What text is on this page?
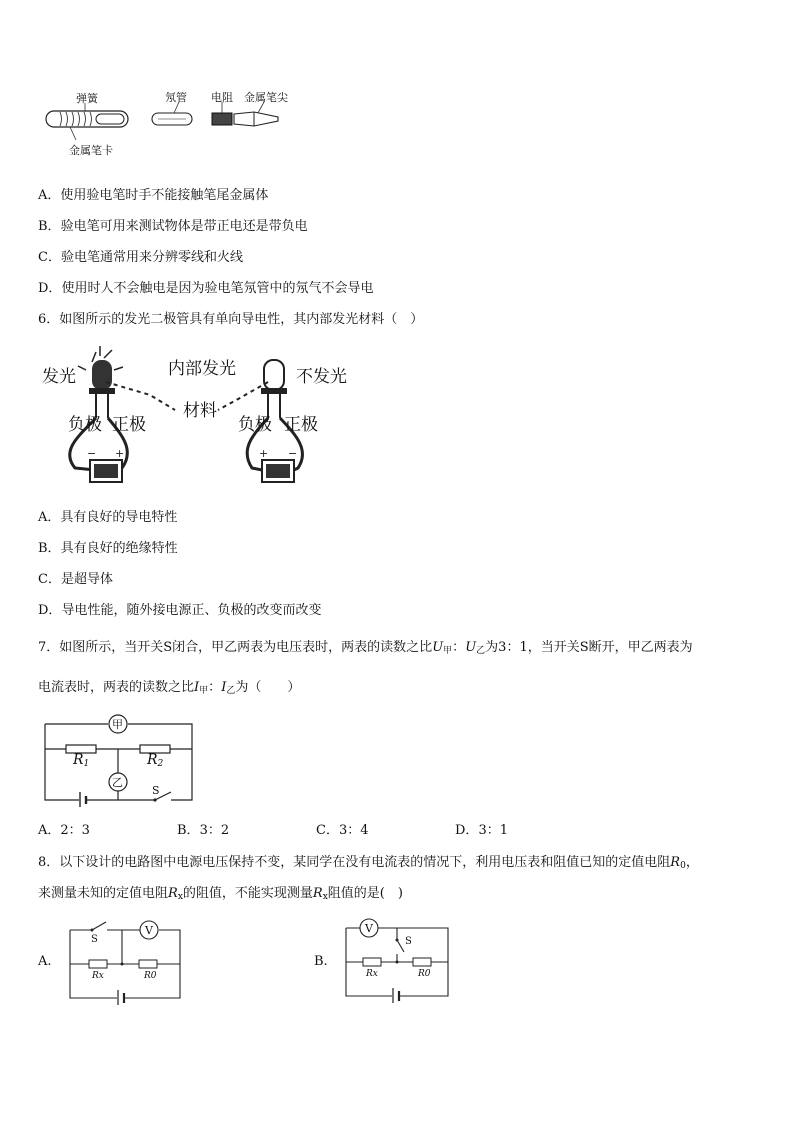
弹簧	氖管 电阻 金属笔尖
金属笔卡
A．使用验电笔时手不能接触笔尾金属体
B．验电笔可用来测试物体是带正电还是带负电
C．验电笔通常用来分辨零线和火线
D．使用时人不会触电是因为验电笔氖管中的氖气不会导电
6．如图所示的发光二极管具有单向导电性，其内部发光材料（　）
− +	+ −
发光	内部发光
材料
不发光
负极 正极	负极 正极
A．具有良好的导电特性
B．具有良好的绝缘特性
C．是超导体
D．导电性能，随外接电源正、负极的改变而改变
7．如图所示，当开关S闭合，甲乙两表为电压表时，两表的读数之比$U_甲$：$U_乙$为3：1，当开关S断开，甲乙两表为
电流表时，两表的读数之比$I_甲$：$I_乙$为（　　）
甲
乙
$R_1$	$R_2$
S
A．2：3	B．3：2	C．3：4	D．3：1
8．以下设计的电路图中电源电压保持不变，某同学在没有电流表的情况下，利用电压表和阻值已知的定值电阻$R_0$，
来测量未知的定值电阻$R_x$的阻值，不能实现测量$R_x$阻值的是(　)
A.
S
V
Rx	R0
B.
V
S
Rx	R0
